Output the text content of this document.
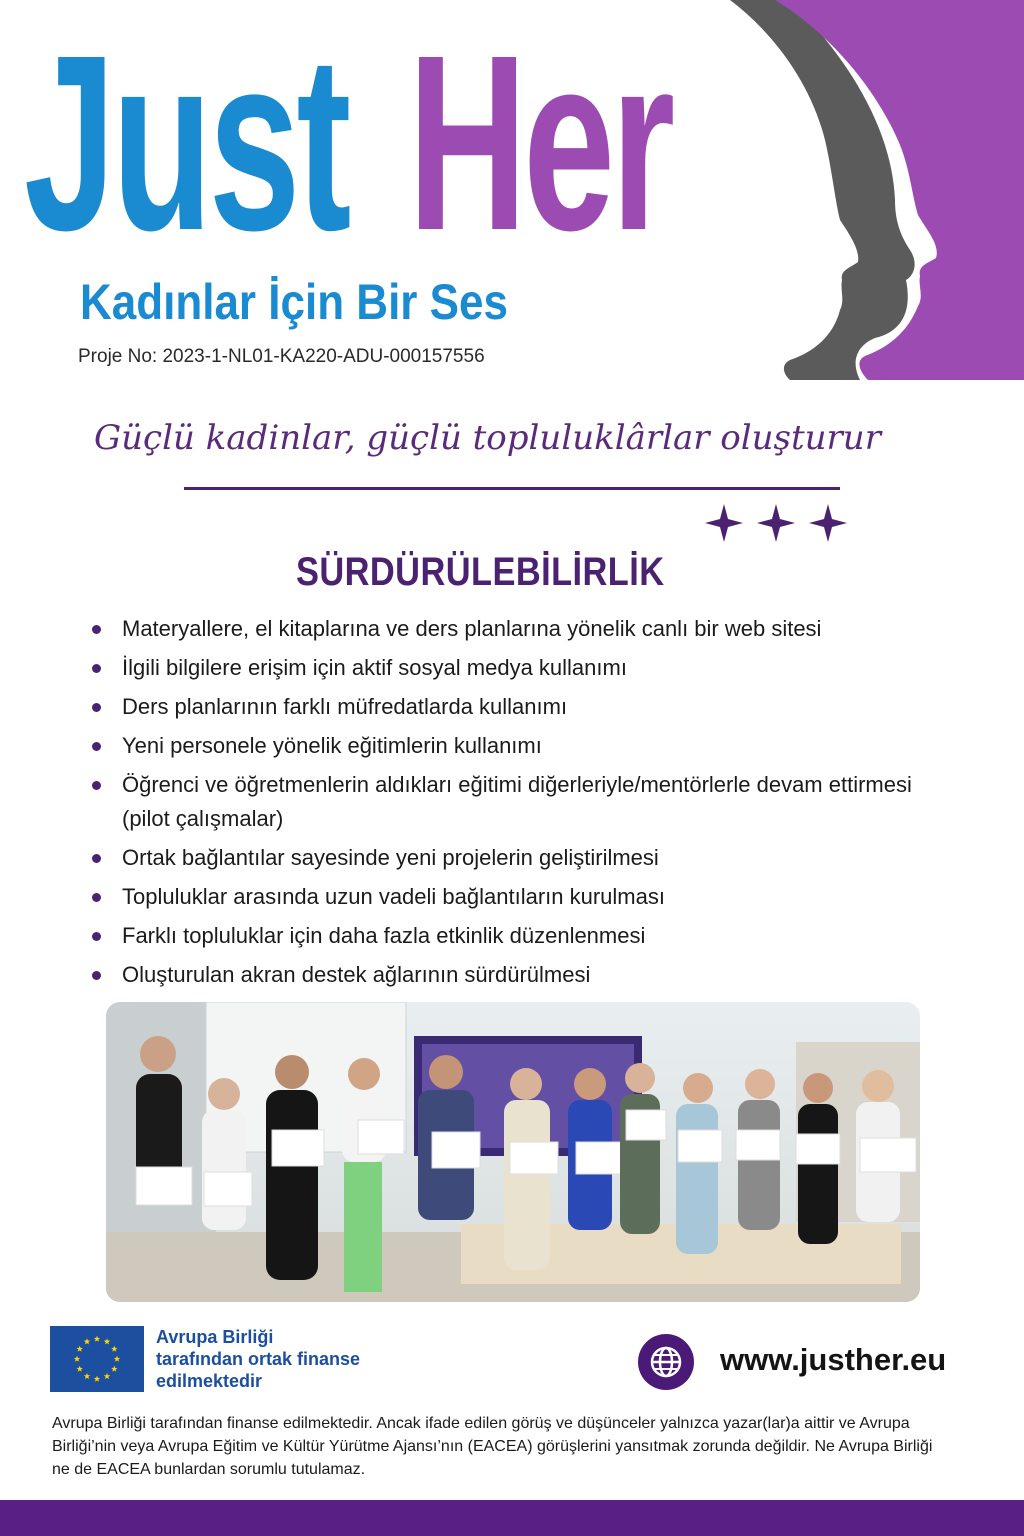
Just Her
Kadınlar İçin Bir Ses
Proje No: 2023-1-NL01-KA220-ADU-000157556
Güçlü kadinlar, güçlü topluluklârlar oluşturur
SÜRDÜRÜLEBİLİRLİK
Materyallere, el kitaplarına ve ders planlarına yönelik canlı bir web sitesi
İlgili bilgilere erişim için aktif sosyal medya kullanımı
Ders planlarının farklı müfredatlarda kullanımı
Yeni personele yönelik eğitimlerin kullanımı
Öğrenci ve öğretmenlerin aldıkları eğitimi diğerleriyle/mentörlerle devam ettirmesi (pilot çalışmalar)
Ortak bağlantılar sayesinde yeni projelerin geliştirilmesi
Topluluklar arasında uzun vadeli bağlantıların kurulması
Farklı topluluklar için daha fazla etkinlik düzenlenmesi
Oluşturulan akran destek ağlarının sürdürülmesi
Avrupa Birliği
tarafından ortak finanse
edilmektedir
www.justher.eu
Avrupa Birliği tarafından finanse edilmektedir. Ancak ifade edilen görüş ve düşünceler yalnızca yazar(lar)a aittir ve Avrupa Birliği’nin veya Avrupa Eğitim ve Kültür Yürütme Ajansı’nın (EACEA) görüşlerini yansıtmak zorunda değildir. Ne Avrupa Birliği ne de EACEA bunlardan sorumlu tutulamaz.
